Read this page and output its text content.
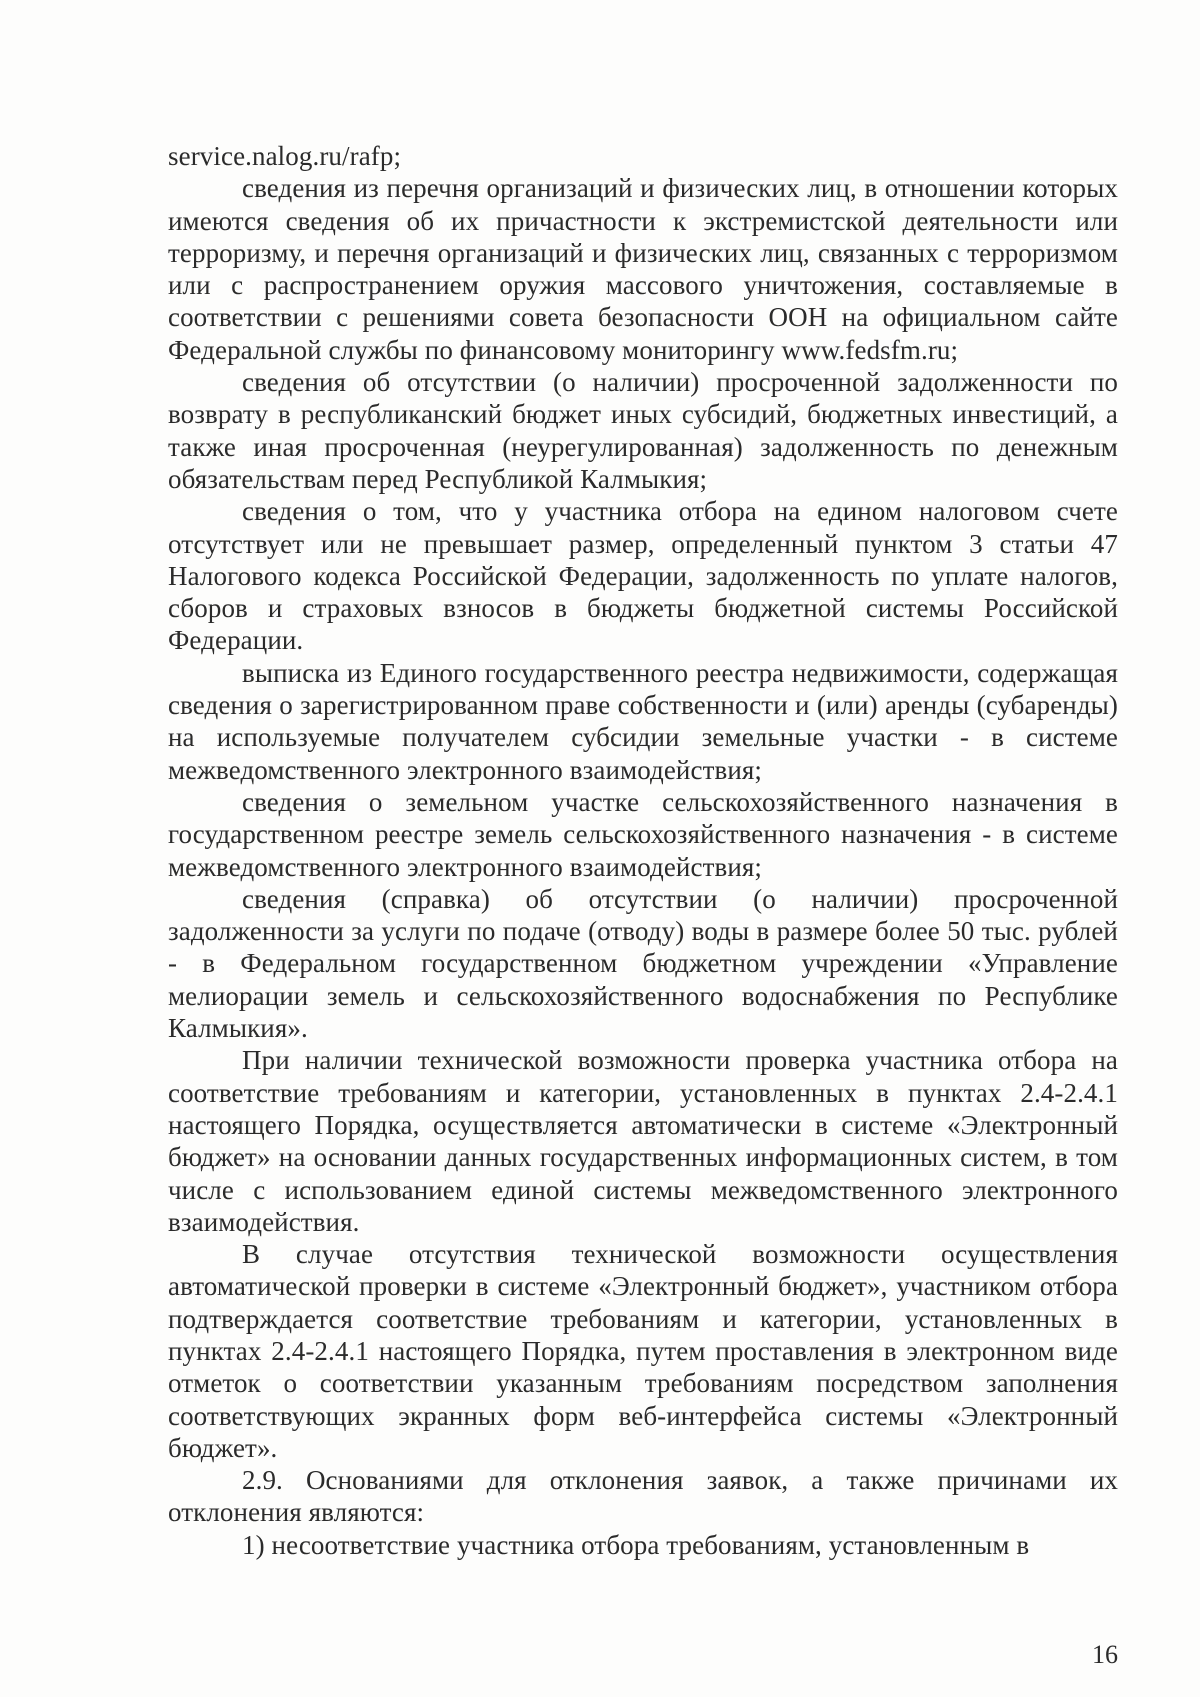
service.nalog.ru/rafp;

сведения из перечня организаций и физических лиц, в отношении которых имеются сведения об их причастности к экстремистской деятельности или терроризму, и перечня организаций и физических лиц, связанных с терроризмом или с распространением оружия массового уничтожения, составляемые в соответствии с решениями совета безопасности ООН на официальном сайте Федеральной службы по финансовому мониторингу www.fedsfm.ru;

сведения об отсутствии (о наличии) просроченной задолженности по возврату в республиканский бюджет иных субсидий, бюджетных инвестиций, а также иная просроченная (неурегулированная) задолженность по денежным обязательствам перед Республикой Калмыкия;

сведения о том, что у участника отбора на едином налоговом счете отсутствует или не превышает размер, определенный пунктом 3 статьи 47 Налогового кодекса Российской Федерации, задолженность по уплате налогов, сборов и страховых взносов в бюджеты бюджетной системы Российской Федерации.

выписка из Единого государственного реестра недвижимости, содержащая сведения о зарегистрированном праве собственности и (или) аренды (субаренды) на используемые получателем субсидии земельные участки - в системе межведомственного электронного взаимодействия;

сведения о земельном участке сельскохозяйственного назначения в государственном реестре земель сельскохозяйственного назначения - в системе межведомственного электронного взаимодействия;

сведения (справка) об отсутствии (о наличии) просроченной задолженности за услуги по подаче (отводу) воды в размере более 50 тыс. рублей - в Федеральном государственном бюджетном учреждении «Управление мелиорации земель и сельскохозяйственного водоснабжения по Республике Калмыкия».

При наличии технической возможности проверка участника отбора на соответствие требованиям и категории, установленных в пунктах 2.4-2.4.1 настоящего Порядка, осуществляется автоматически в системе «Электронный бюджет» на основании данных государственных информационных систем, в том числе с использованием единой системы межведомственного электронного взаимодействия.

В случае отсутствия технической возможности осуществления автоматической проверки в системе «Электронный бюджет», участником отбора подтверждается соответствие требованиям и категории, установленных в пунктах 2.4-2.4.1 настоящего Порядка, путем проставления в электронном виде отметок о соответствии указанным требованиям посредством заполнения соответствующих экранных форм веб-интерфейса системы «Электронный бюджет».

2.9. Основаниями для отклонения заявок, а также причинами их отклонения являются:

1) несоответствие участника отбора требованиям, установленным в

16
